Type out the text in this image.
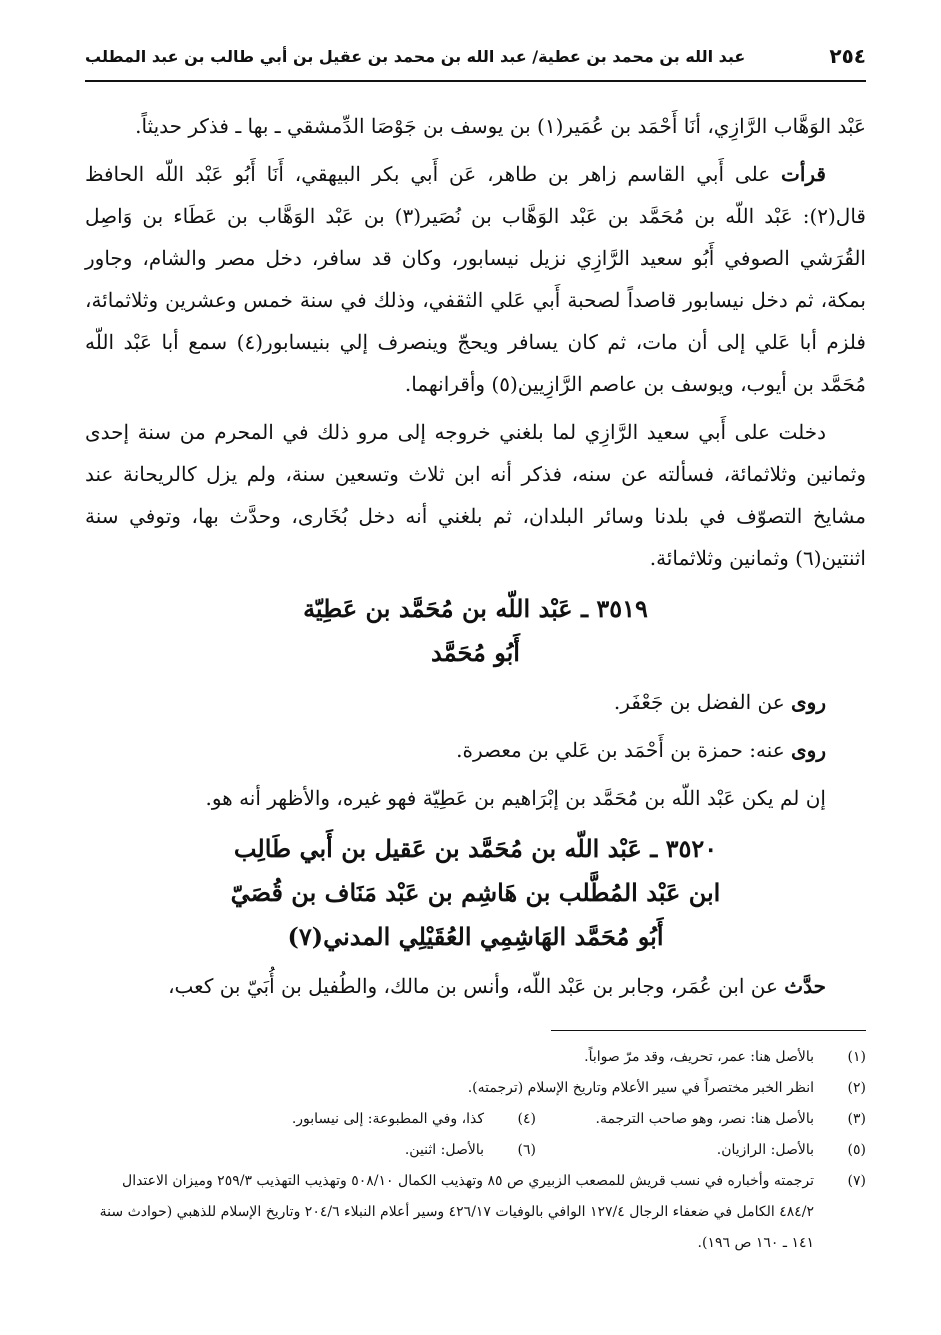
٢٥٤
عبد الله بن محمد بن عطية/ عبد الله بن محمد بن عقيل بن أبي طالب بن عبد المطلب

عَبْد الوَهَّاب الرَّازِي، أنَا أَحْمَد بن عُمَير(١) بن يوسف بن جَوْصَا الدِّمشقي ـ بها ـ فذكر حديثاً.

قرأت على أَبي القاسم زاهر بن طاهر، عَن أَبي بكر البيهقي، أَنَا أَبُو عَبْد اللّه الحافظ قال(٢): عَبْد اللّه بن مُحَمَّد بن عَبْد الوَهَّاب بن نُصَير(٣) بن عَبْد الوَهَّاب بن عَطَاء بن وَاصِل القُرَشي الصوفي أَبُو سعيد الرَّازِي نزيل نيسابور، وكان قد سافر، دخل مصر والشام، وجاور بمكة، ثم دخل نيسابور قاصداً لصحبة أَبي عَلي الثقفي، وذلك في سنة خمس وعشرين وثلاثمائة، فلزم أبا عَلي إلى أن مات، ثم كان يسافر ويحجّ وينصرف إلي بنيسابور(٤) سمع أبا عَبْد اللّه مُحَمَّد بن أيوب، ويوسف بن عاصم الرَّازِيين(٥) وأقرانهما.

دخلت على أَبي سعيد الرَّازِي لما بلغني خروجه إلى مرو ذلك في المحرم من سنة إحدى وثمانين وثلاثمائة، فسألته عن سنه، فذكر أنه ابن ثلاث وتسعين سنة، ولم يزل كالريحانة عند مشايخ التصوّف في بلدنا وسائر البلدان، ثم بلغني أنه دخل بُخَارى، وحدَّث بها، وتوفي سنة اثنتين(٦) وثمانين وثلاثمائة.

٣٥١٩ ـ عَبْد اللّه بن مُحَمَّد بن عَطِيّة
أَبُو مُحَمَّد

روى عن الفضل بن جَعْفَر.

روى عنه: حمزة بن أَحْمَد بن عَلي بن معصرة.

إن لم يكن عَبْد اللّه بن مُحَمَّد بن إبْرَاهيم بن عَطِيّة فهو غيره، والأظهر أنه هو.

٣٥٢٠ ـ عَبْد اللّه بن مُحَمَّد بن عَقيل بن أَبي طَالِب
ابن عَبْد المُطَّلب بن هَاشِم بن عَبْد مَنَاف بن قُصَيّ
أَبُو مُحَمَّد الهَاشِمِي العُقَيْلِي المدني(٧)

حدَّث عن ابن عُمَر، وجابر بن عَبْد اللّه، وأنس بن مالك، والطُفيل بن أُبَيّ بن كعب،

(١)
بالأصل هنا: عمر، تحريف، وقد مرّ صواباً.
(٢)
انظر الخبر مختصراً في سير الأعلام وتاريخ الإسلام (ترجمته).
(٣)
بالأصل هنا: نصر، وهو صاحب الترجمة.
(٤)
كذا، وفي المطبوعة: إلى نيسابور.
(٥)
بالأصل: الرازيان.
(٦)
بالأصل: اثنين.
(٧)
ترجمته وأخباره في نسب قريش للمصعب الزبيري ص ٨٥ وتهذيب الكمال ٥٠٨/١٠ وتهذيب التهذيب ٢٥٩/٣ وميزان الاعتدال ٤٨٤/٢ الكامل في ضعفاء الرجال ١٢٧/٤ الوافي بالوفيات ٤٢٦/١٧ وسير أعلام النبلاء ٢٠٤/٦ وتاريخ الإسلام للذهبي (حوادث سنة ١٤١ ـ ١٦٠ ص ١٩٦).
